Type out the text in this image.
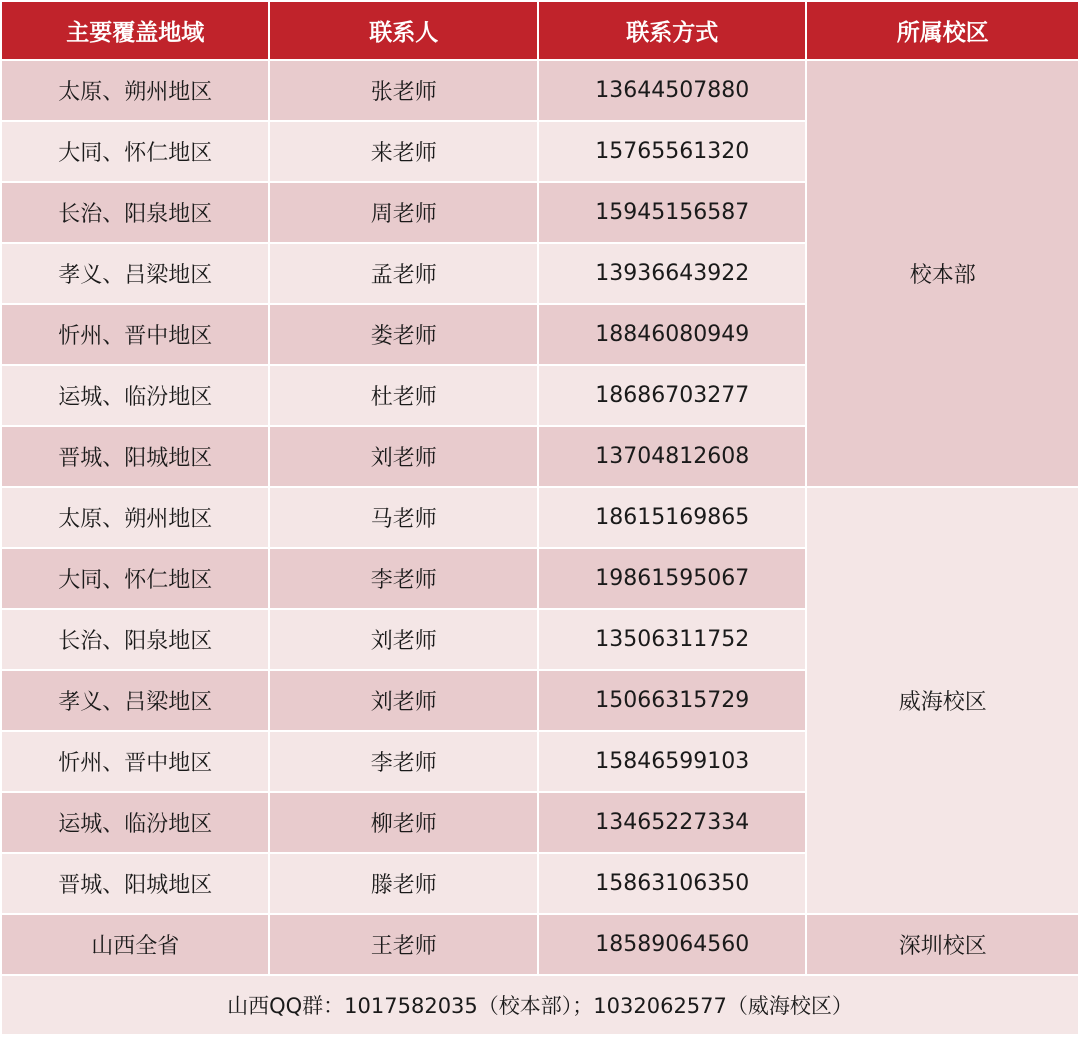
主要覆盖地域	联系人	联系方式	所属校区
太原、朔州地区	张老师	13644507880	校本部
大同、怀仁地区	来老师	15765561320	
长治、阳泉地区	周老师	15945156587	
孝义、吕梁地区	孟老师	13936643922	
忻州、晋中地区	娄老师	18846080949	
运城、临汾地区	杜老师	18686703277	
晋城、阳城地区	刘老师	13704812608	
太原、朔州地区	马老师	18615169865	威海校区
大同、怀仁地区	李老师	19861595067	
长治、阳泉地区	刘老师	13506311752	
孝义、吕梁地区	刘老师	15066315729	
忻州、晋中地区	李老师	15846599103	
运城、临汾地区	柳老师	13465227334	
晋城、阳城地区	滕老师	15863106350	
山西全省	王老师	18589064560	深圳校区
山西QQ群：1017582035（校本部）；1032062577（威海校区）			
